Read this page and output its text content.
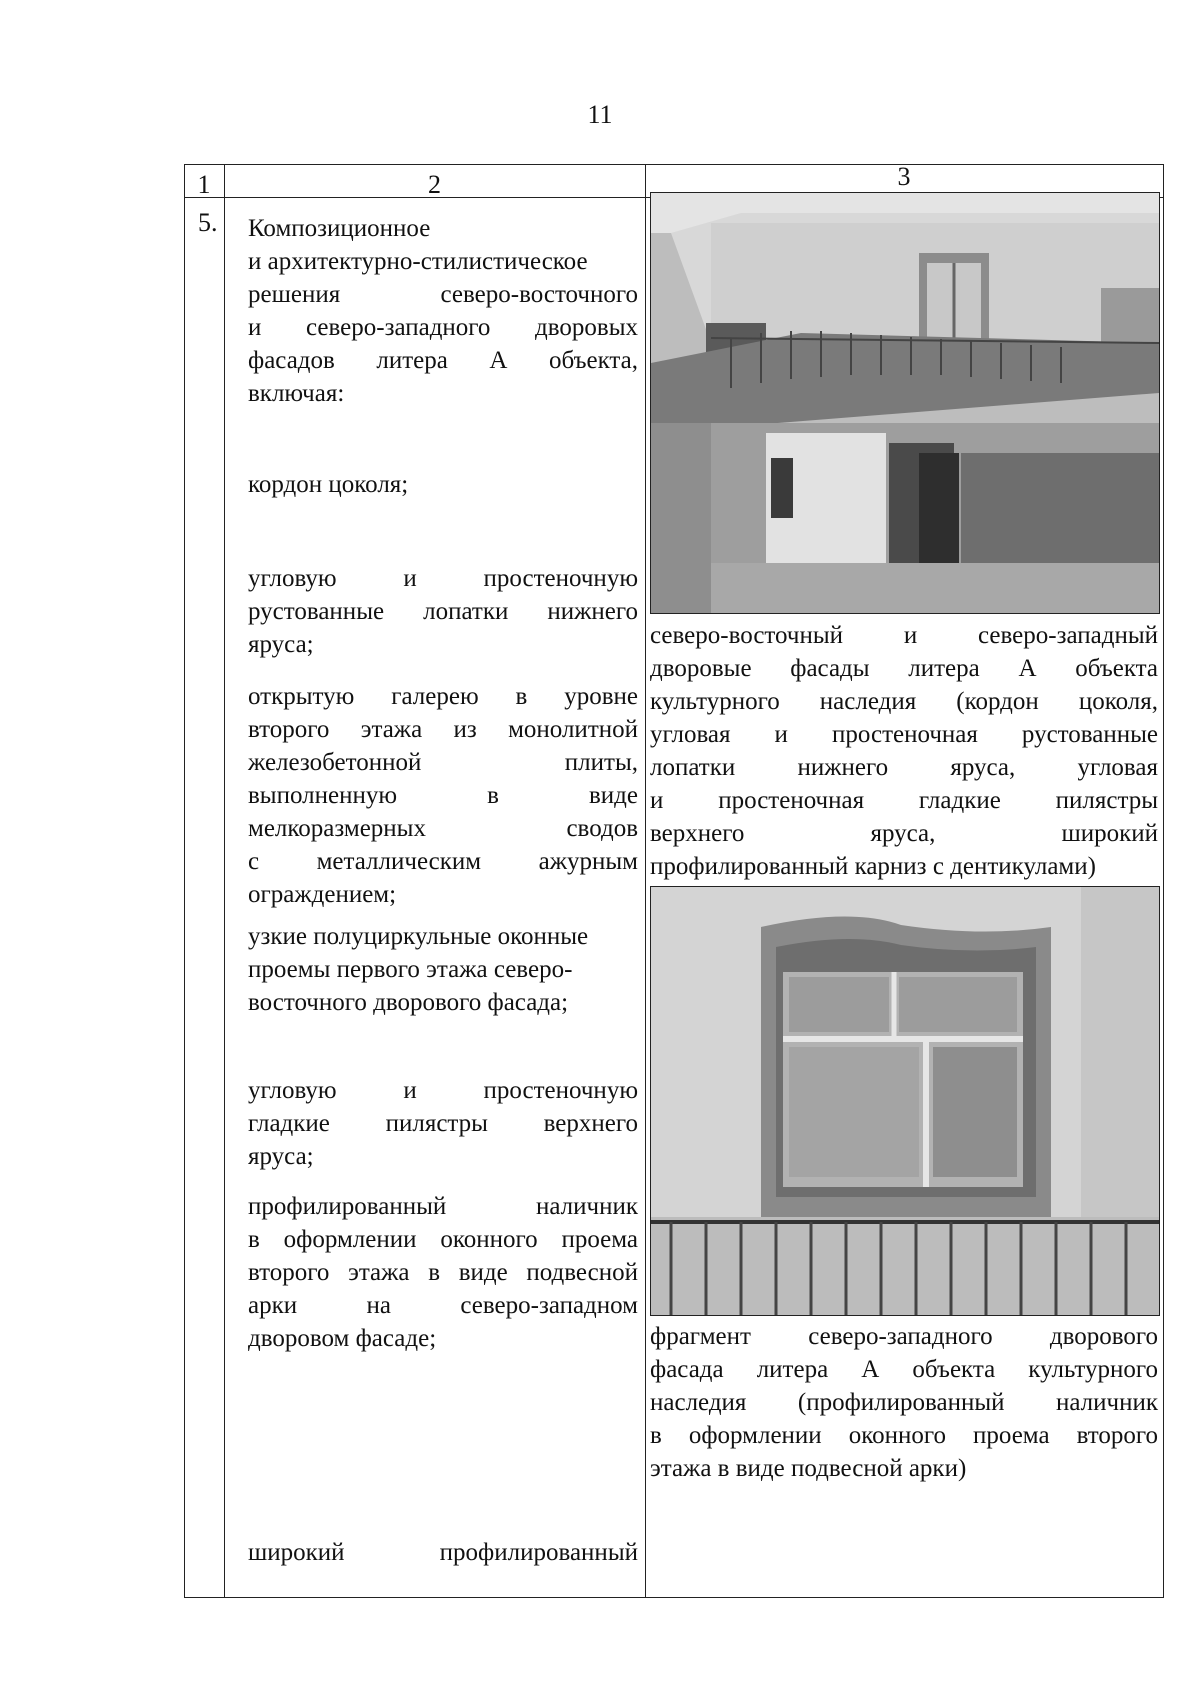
11
1	2	3
5. Композиционное
и архитектурно-стилистическое
решения северо-восточного
и северо-западного дворовых
фасадов литера А объекта,
включая:
кордон цоколя;
угловую и простеночную
рустованные лопатки нижнего
яруса;
открытую галерею в уровне
второго этажа из монолитной
железобетонной плиты,
выполненную в виде
мелкоразмерных сводов
с металлическим ажурным
ограждением;
узкие полуциркульные оконные
проемы первого этажа северо-
восточного дворового фасада;
угловую и простеночную
гладкие пилястры верхнего
яруса;
профилированный наличник
в оформлении оконного проема
второго этажа в виде подвесной
арки на северо-западном
дворовом фасаде;
широкий профилированный
северо-восточный и северо-западный
дворовые фасады литера А объекта
культурного наследия (кордон цоколя,
угловая и простеночная рустованные
лопатки нижнего яруса, угловая
и простеночная гладкие пилястры
верхнего яруса, широкий
профилированный карниз с дентикулами)
фрагмент северо-западного дворового
фасада литера А объекта культурного
наследия (профилированный наличник
в оформлении оконного проема второго
этажа в виде подвесной арки)
